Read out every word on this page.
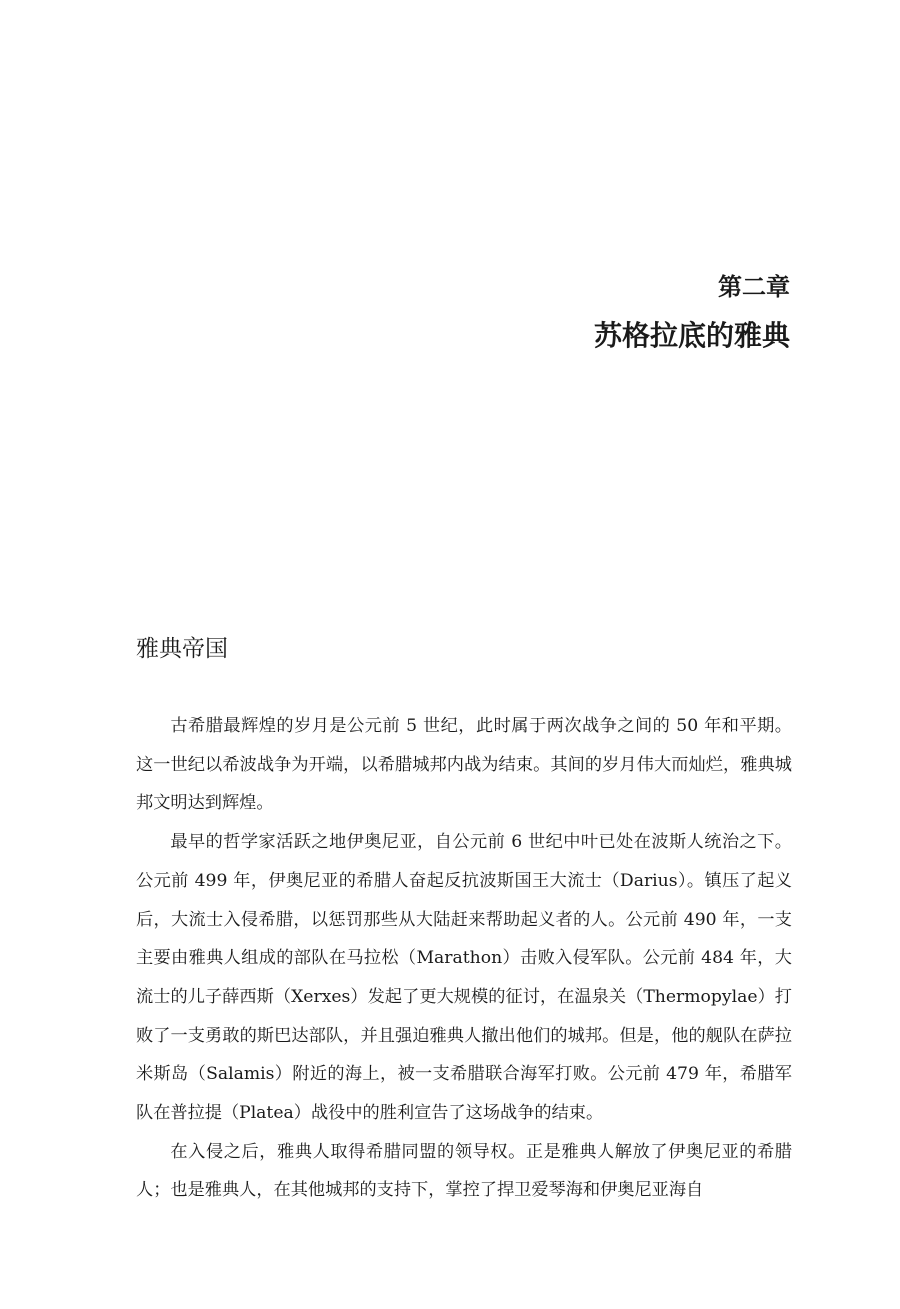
第二章
苏格拉底的雅典
雅典帝国

古希腊最辉煌的岁月是公元前 5 世纪，此时属于两次战争之间的 50 年和平期。这一世纪以希波战争为开端，以希腊城邦内战为结束。其间的岁月伟大而灿烂，雅典城邦文明达到辉煌。

最早的哲学家活跃之地伊奥尼亚，自公元前 6 世纪中叶已处在波斯人统治之下。公元前 499 年，伊奥尼亚的希腊人奋起反抗波斯国王大流士（Darius）。镇压了起义后，大流士入侵希腊，以惩罚那些从大陆赶来帮助起义者的人。公元前 490 年，一支主要由雅典人组成的部队在马拉松（Marathon）击败入侵军队。公元前 484 年，大流士的儿子薛西斯（Xerxes）发起了更大规模的征讨，在温泉关（Thermopylae）打败了一支勇敢的斯巴达部队，并且强迫雅典人撤出他们的城邦。但是，他的舰队在萨拉米斯岛（Salamis）附近的海上，被一支希腊联合海军打败。公元前 479 年，希腊军队在普拉提（Platea）战役中的胜利宣告了这场战争的结束。

在入侵之后，雅典人取得希腊同盟的领导权。正是雅典人解放了伊奥尼亚的希腊人；也是雅典人，在其他城邦的支持下，掌控了捍卫爱琴海和伊奥尼亚海自
